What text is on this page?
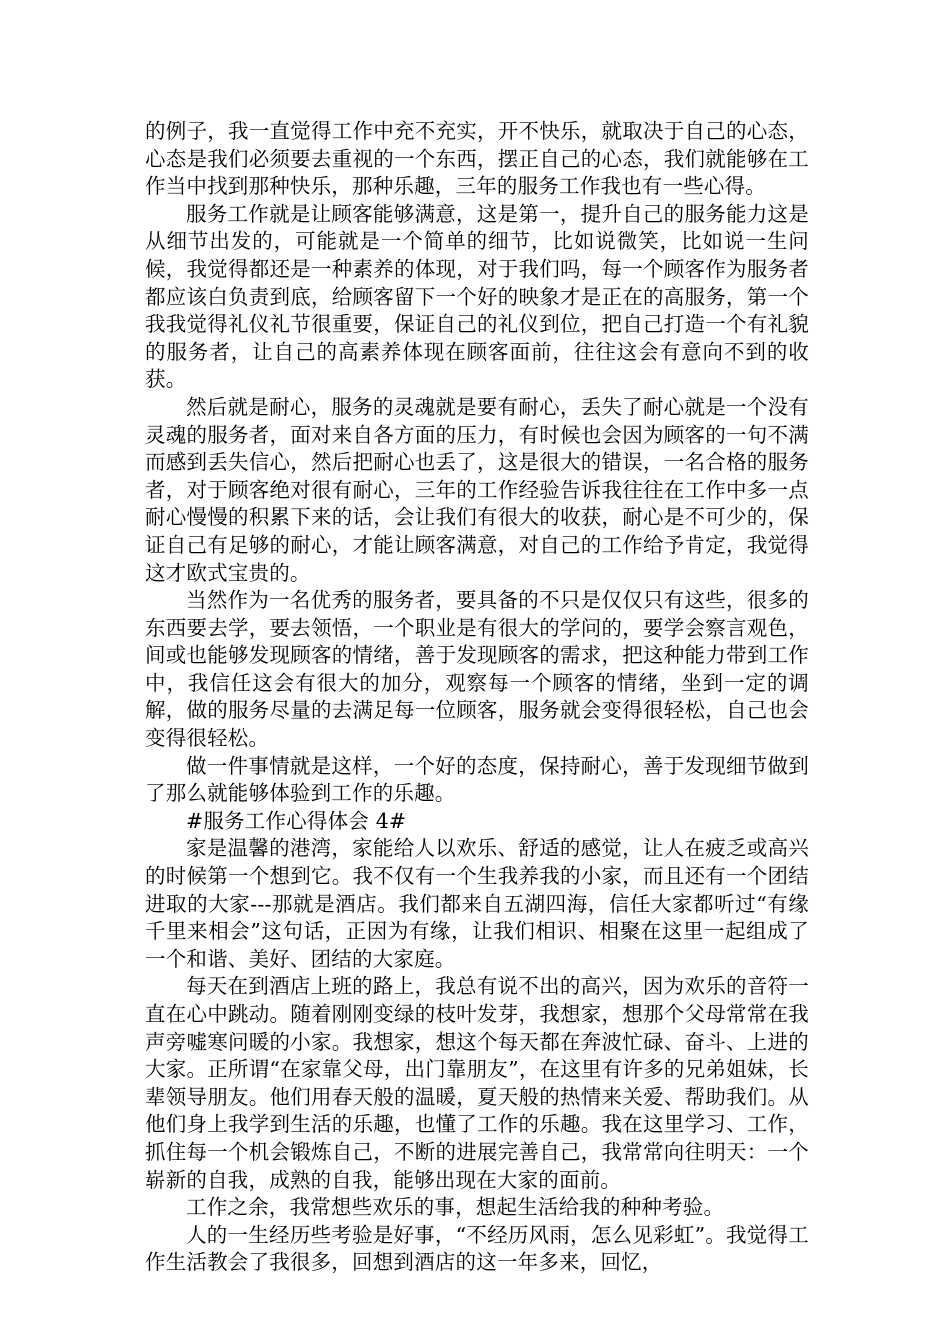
的例子，我一直觉得工作中充不充实，开不快乐，就取决于自己的心态，心态是我们必须要去重视的一个东西，摆正自己的心态，我们就能够在工作当中找到那种快乐，那种乐趣，三年的服务工作我也有一些心得。

服务工作就是让顾客能够满意，这是第一，提升自己的服务能力这是从细节出发的，可能就是一个简单的细节，比如说微笑，比如说一生问候，我觉得都还是一种素养的体现，对于我们吗，每一个顾客作为服务者都应该白负责到底，给顾客留下一个好的映象才是正在的高服务，第一个我我觉得礼仪礼节很重要，保证自己的礼仪到位，把自己打造一个有礼貌的服务者，让自己的高素养体现在顾客面前，往往这会有意向不到的收获。

然后就是耐心，服务的灵魂就是要有耐心，丢失了耐心就是一个没有灵魂的服务者，面对来自各方面的压力，有时候也会因为顾客的一句不满而感到丢失信心，然后把耐心也丢了，这是很大的错误，一名合格的服务者，对于顾客绝对很有耐心，三年的工作经验告诉我往往在工作中多一点耐心慢慢的积累下来的话，会让我们有很大的收获，耐心是不可少的，保证自己有足够的耐心，才能让顾客满意，对自己的工作给予肯定，我觉得这才欧式宝贵的。

当然作为一名优秀的服务者，要具备的不只是仅仅只有这些，很多的东西要去学，要去领悟，一个职业是有很大的学问的，要学会察言观色，间或也能够发现顾客的情绪，善于发现顾客的需求，把这种能力带到工作中，我信任这会有很大的加分，观察每一个顾客的情绪，坐到一定的调解，做的服务尽量的去满足每一位顾客，服务就会变得很轻松，自己也会变得很轻松。

做一件事情就是这样，一个好的态度，保持耐心，善于发现细节做到了那么就能够体验到工作的乐趣。

#服务工作心得体会 4#

家是温馨的港湾，家能给人以欢乐、舒适的感觉，让人在疲乏或高兴的时候第一个想到它。我不仅有一个生我养我的小家，而且还有一个团结进取的大家---那就是酒店。我们都来自五湖四海，信任大家都听过“有缘千里来相会”这句话，正因为有缘，让我们相识、相聚在这里一起组成了一个和谐、美好、团结的大家庭。

每天在到酒店上班的路上，我总有说不出的高兴，因为欢乐的音符一直在心中跳动。随着刚刚变绿的枝叶发芽，我想家，想那个父母常常在我声旁嘘寒问暖的小家。我想家，想这个每天都在奔波忙碌、奋斗、上进的大家。正所谓“在家靠父母，出门靠朋友”，在这里有许多的兄弟姐妹，长辈领导朋友。他们用春天般的温暖，夏天般的热情来关爱、帮助我们。从他们身上我学到生活的乐趣，也懂了工作的乐趣。我在这里学习、工作，抓住每一个机会锻炼自己，不断的进展完善自己，我常常向往明天：一个崭新的自我，成熟的自我，能够出现在大家的面前。

工作之余，我常想些欢乐的事，想起生活给我的种种考验。

人的一生经历些考验是好事，“不经历风雨，怎么见彩虹”。我觉得工作生活教会了我很多，回想到酒店的这一年多来，回忆，
